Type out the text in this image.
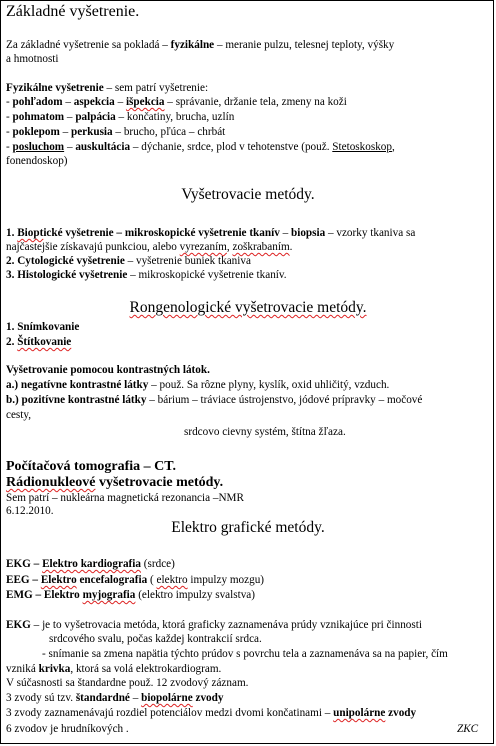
Základné vyšetrenie.
Za základné vyšetrenie sa pokladá – fyzikálne – meranie pulzu, telesnej teploty, výšky
a hmotnosti
Fyzikálne vyšetrenie – sem patrí vyšetrenie:
- pohľadom – aspekcia – išpekcia – správanie, držanie tela, zmeny na koži
- pohmatom – palpácia – končatiny, brucha, uzlín
- poklepom – perkusia – brucho, pľúca – chrbát
- posluchom – auskultácia – dýchanie, srdce, plod v tehotenstve (použ. Stetoskoskop,
fonendoskop)
Vyšetrovacie metódy.
1. Bioptické vyšetrenie – mikroskopické vyšetrenie tkanív – biopsia – vzorky tkaniva sa
najčastejšie získavajú punkciou, alebo vyrezaním, zoškrabaním.
2. Cytologické vyšetrenie – vyšetrenie buniek tkaniva
3. Histologické vyšetrenie – mikroskopické vyšetrenie tkanív.
Rongenologické vyšetrovacie metódy.
1. Snímkovanie
2. Štítkovanie
Vyšetrovanie pomocou kontrastných látok.
a.) negatívne kontrastné látky – použ. Sa rôzne plyny, kyslík, oxid uhličitý, vzduch.
b.) pozitívne kontrastné látky – bárium – tráviace ústrojenstvo, jódové prípravky – močové
cesty,
srdcovo cievny systém, štítna žľaza.
Počítačová tomografia – CT.
Rádionukleové vyšetrovacie metódy.
Sem patrí – nukleárna magnetická rezonancia –NMR
6.12.2010.
Elektro grafické metódy.
EKG – Elektro kardiografia (srdce)
EEG – Elektro encefalografia ( elektro impulzy mozgu)
EMG – Elektro myjografia (elektro impulzy svalstva)
EKG – je to vyšetrovacia metóda, ktorá graficky zaznamenáva prúdy vznikajúce pri činnosti
srdcového svalu, počas každej kontrakcií srdca.
- snímanie sa zmena napätia týchto prúdov s povrchu tela a zaznamenáva sa na papier, čím
vzniká krivka, ktorá sa volá elektrokardiogram.
V súčasnosti sa štandardne použ. 12 zvodový záznam.
3 zvody sú tzv. štandardné – biopolárne zvody
3 zvody zaznamenávajú rozdiel potenciálov medzi dvomi končatinami – unipolárne zvody
6 zvodov je hrudníkových .	ZKC
